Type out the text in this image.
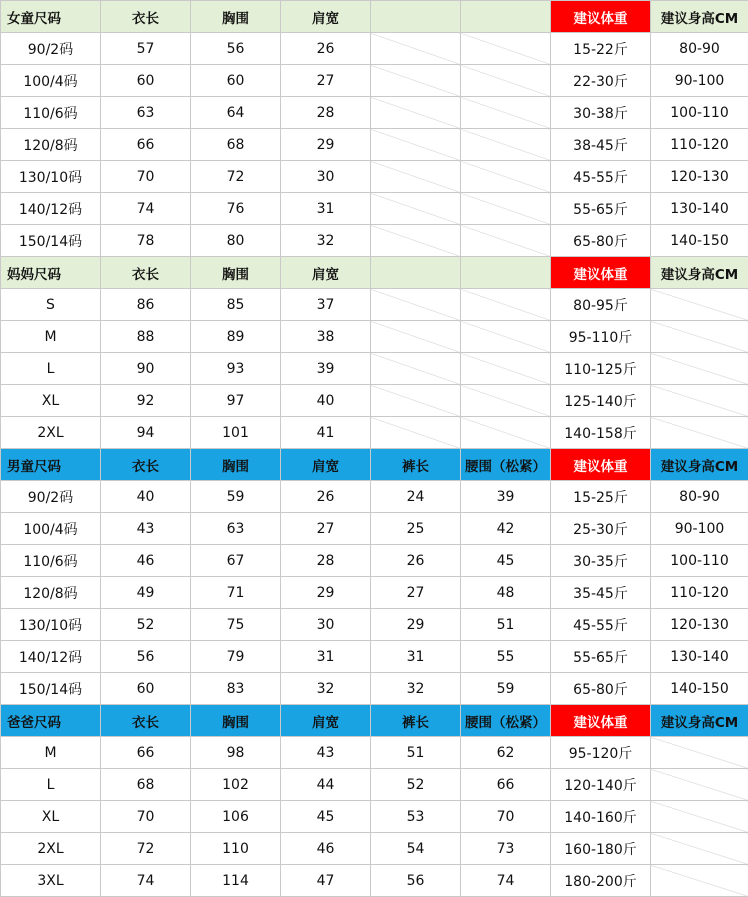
女童尺码	衣长	胸围	肩宽			建议体重	建议身高CM
90/2码	57	56	26			15-22斤	80-90
100/4码	60	60	27			22-30斤	90-100
110/6码	63	64	28			30-38斤	100-110
120/8码	66	68	29			38-45斤	110-120
130/10码	70	72	30			45-55斤	120-130
140/12码	74	76	31			55-65斤	130-140
150/14码	78	80	32			65-80斤	140-150
妈妈尺码	衣长	胸围	肩宽			建议体重	建议身高CM
S	86	85	37			80-95斤	
M	88	89	38			95-110斤	
L	90	93	39			110-125斤	
XL	92	97	40			125-140斤	
2XL	94	101	41			140-158斤	
男童尺码	衣长	胸围	肩宽	裤长	腰围（松紧）	建议体重	建议身高CM
90/2码	40	59	26	24	39	15-25斤	80-90
100/4码	43	63	27	25	42	25-30斤	90-100
110/6码	46	67	28	26	45	30-35斤	100-110
120/8码	49	71	29	27	48	35-45斤	110-120
130/10码	52	75	30	29	51	45-55斤	120-130
140/12码	56	79	31	31	55	55-65斤	130-140
150/14码	60	83	32	32	59	65-80斤	140-150
爸爸尺码	衣长	胸围	肩宽	裤长	腰围（松紧）	建议体重	建议身高CM
M	66	98	43	51	62	95-120斤	
L	68	102	44	52	66	120-140斤	
XL	70	106	45	53	70	140-160斤	
2XL	72	110	46	54	73	160-180斤	
3XL	74	114	47	56	74	180-200斤	
